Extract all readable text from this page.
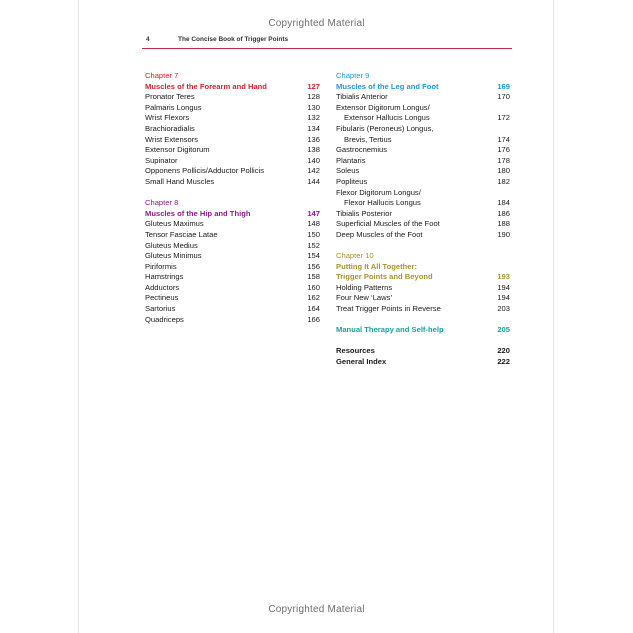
Copyrighted Material
4	The Concise Book of Trigger Points
Chapter 7
Muscles of the Forearm and Hand	127
Pronator Teres	128
Palmaris Longus	130
Wrist Flexors	132
Brachioradialis	134
Wrist Extensors	136
Extensor Digitorum	138
Supinator	140
Opponens Pollicis/Adductor Pollicis	142
Small Hand Muscles	144
Chapter 8
Muscles of the Hip and Thigh	147
Gluteus Maximus	148
Tensor Fasciae Latae	150
Gluteus Medius	152
Gluteus Minimus	154
Piriformis	156
Hamstrings	158
Adductors	160
Pectineus	162
Sartorius	164
Quadriceps	166
Chapter 9
Muscles of the Leg and Foot	169
Tibialis Anterior	170
Extensor Digitorum Longus/
Extensor Hallucis Longus	172
Fibularis (Peroneus) Longus,
Brevis, Tertius	174
Gastrocnemius	176
Plantaris	178
Soleus	180
Popliteus	182
Flexor Digitorum Longus/
Flexor Hallucis Longus	184
Tibialis Posterior	186
Superficial Muscles of the Foot	188
Deep Muscles of the Foot	190
Chapter 10
Putting It All Together:
Trigger Points and Beyond	193
Holding Patterns	194
Four New ‘Laws’	194
Treat Trigger Points in Reverse	203
Manual Therapy and Self-help	205
Resources	220
General Index	222
Copyrighted Material
